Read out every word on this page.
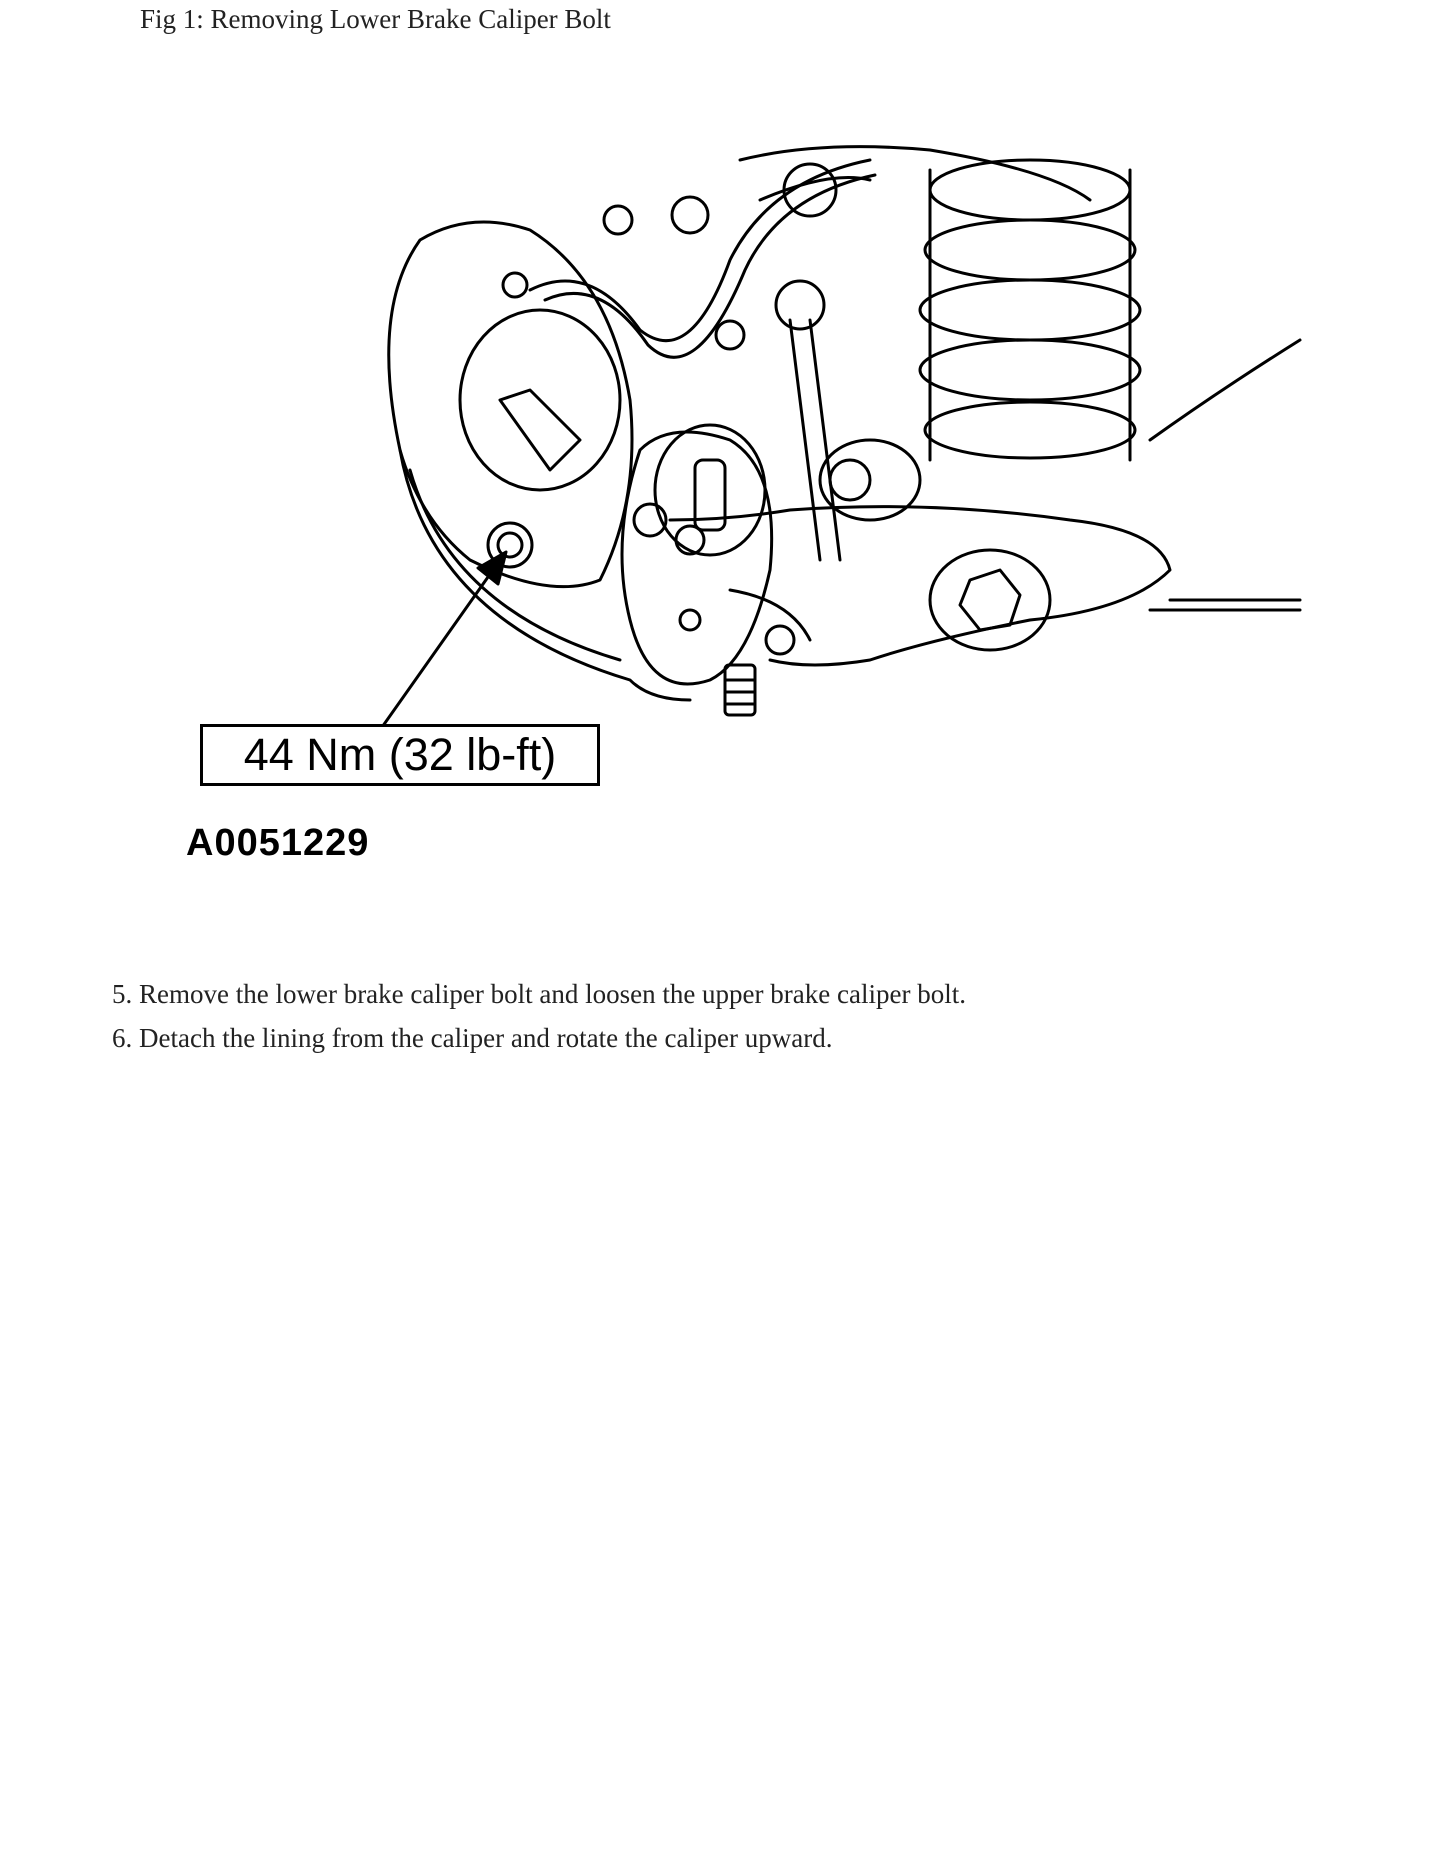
Fig 1: Removing Lower Brake Caliper Bolt
44 Nm (32 lb-ft)
A0051229

5. Remove the lower brake caliper bolt and loosen the upper brake caliper bolt.

6. Detach the lining from the caliper and rotate the caliper upward.
